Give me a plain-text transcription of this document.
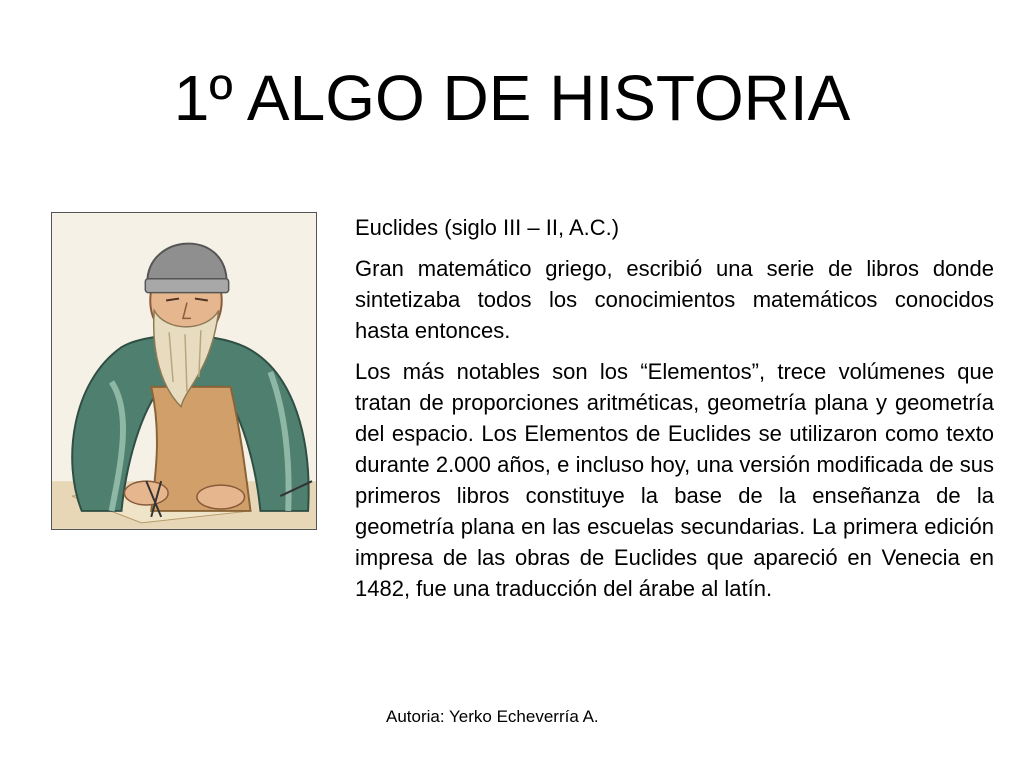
1º ALGO DE HISTORIA

Euclides (siglo III – II, A.C.)

Gran matemático griego, escribió una serie de libros donde sintetizaba todos los conocimientos matemáticos conocidos hasta entonces.

Los más notables son los “Elementos”, trece volúmenes que tratan de proporciones aritméticas, geometría plana y geometría del espacio. Los Elementos de Euclides se utilizaron como texto durante 2.000 años, e incluso hoy, una versión modificada de sus primeros libros constituye la base de la enseñanza de la geometría plana en las escuelas secundarias. La primera edición impresa de las obras de Euclides que apareció en Venecia en 1482, fue una traducción del árabe al latín.

Autoria: Yerko Echeverría A.
